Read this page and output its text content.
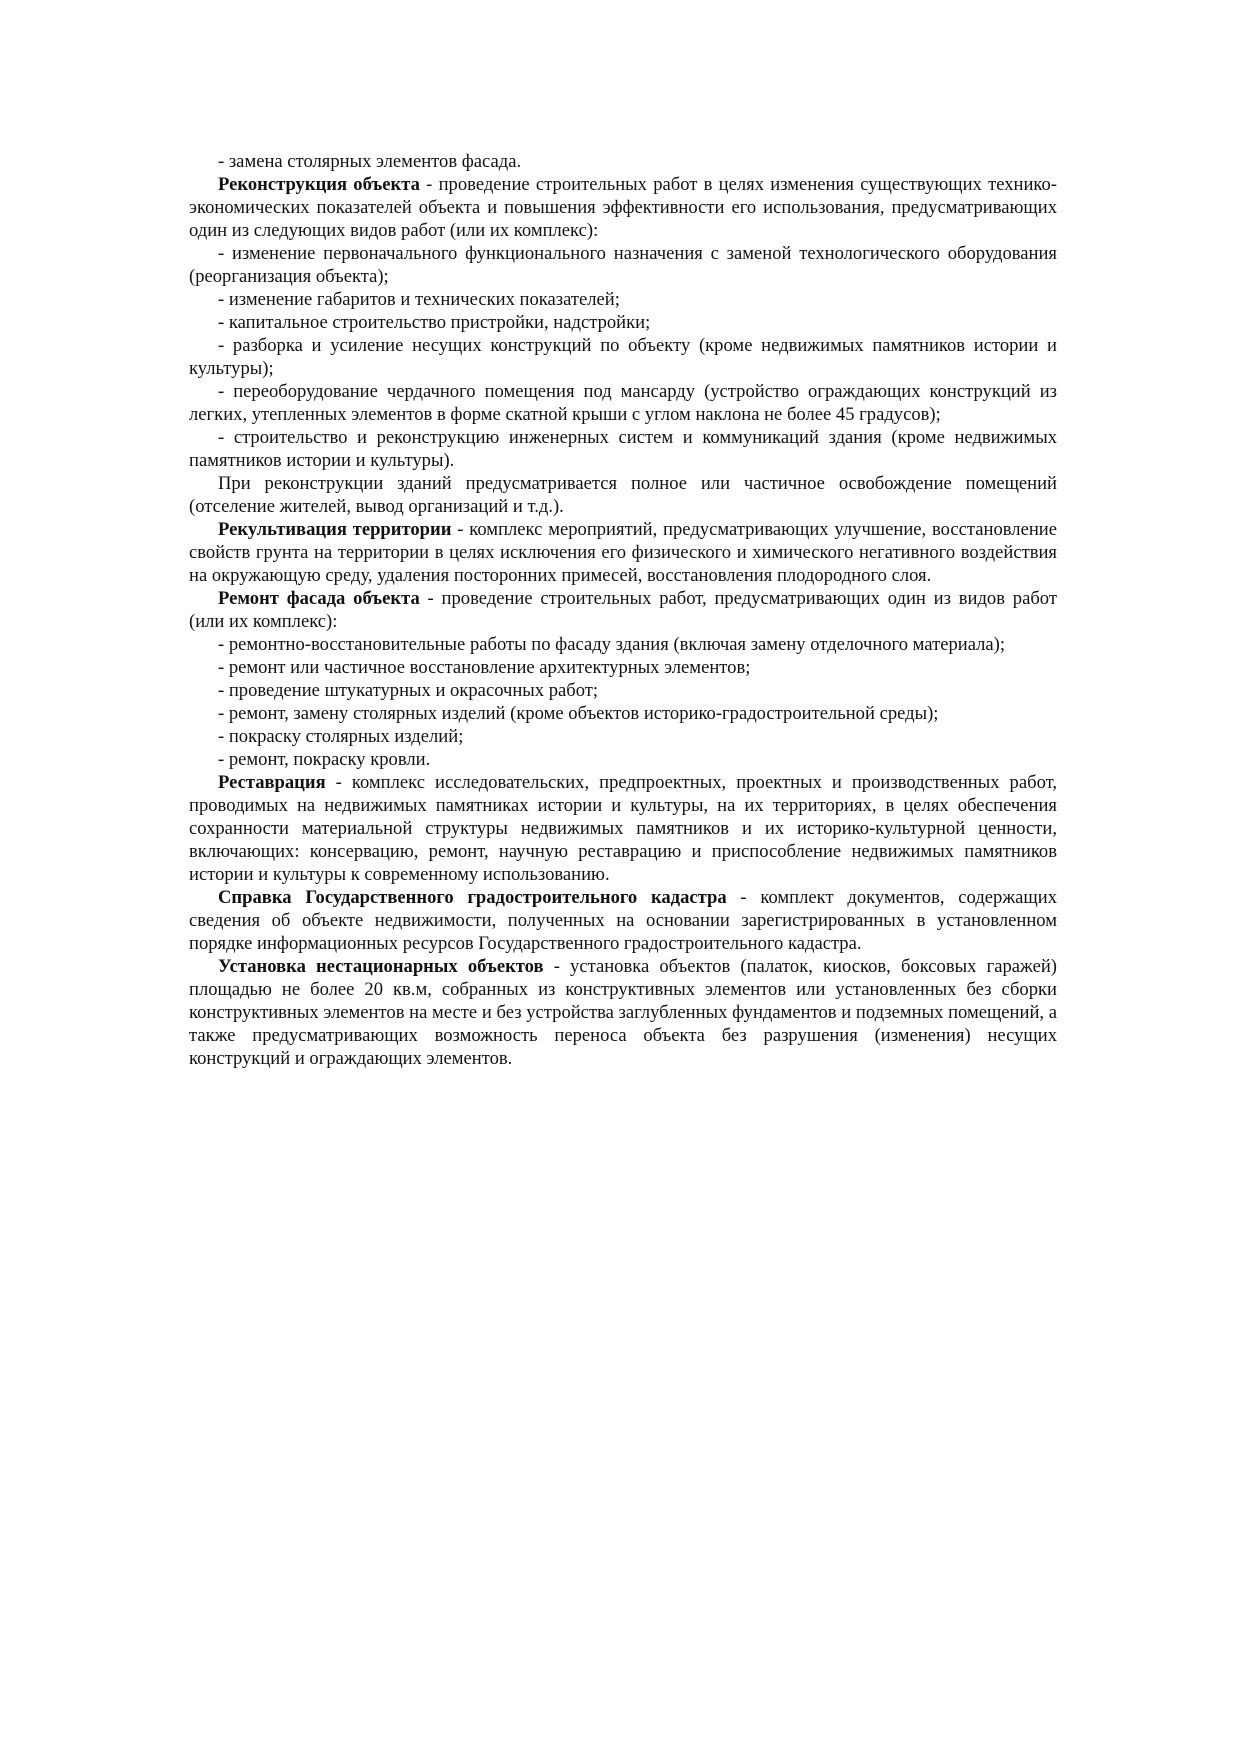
- замена столярных элементов фасада.

Реконструкция объекта - проведение строительных работ в целях изменения существующих технико-экономических показателей объекта и повышения эффективности его использования, предусматривающих один из следующих видов работ (или их комплекс):

- изменение первоначального функционального назначения с заменой технологического оборудования (реорганизация объекта);

- изменение габаритов и технических показателей;

- капитальное строительство пристройки, надстройки;

- разборка и усиление несущих конструкций по объекту (кроме недвижимых памятников истории и культуры);

- переоборудование чердачного помещения под мансарду (устройство ограждающих конструкций из легких, утепленных элементов в форме скатной крыши с углом наклона не более 45 градусов);

- строительство и реконструкцию инженерных систем и коммуникаций здания (кроме недвижимых памятников истории и культуры).

При реконструкции зданий предусматривается полное или частичное освобождение помещений (отселение жителей, вывод организаций и т.д.).

Рекультивация территории - комплекс мероприятий, предусматривающих улучшение, восстановление свойств грунта на территории в целях исключения его физического и химического негативного воздействия на окружающую среду, удаления посторонних примесей, восстановления плодородного слоя.

Ремонт фасада объекта - проведение строительных работ, предусматривающих один из видов работ (или их комплекс):

- ремонтно-восстановительные работы по фасаду здания (включая замену отделочного материала);

- ремонт или частичное восстановление архитектурных элементов;

- проведение штукатурных и окрасочных работ;

- ремонт, замену столярных изделий (кроме объектов историко-градостроительной среды);

- покраску столярных изделий;

- ремонт, покраску кровли.

Реставрация - комплекс исследовательских, предпроектных, проектных и производственных работ, проводимых на недвижимых памятниках истории и культуры, на их территориях, в целях обеспечения сохранности материальной структуры недвижимых памятников и их историко-культурной ценности, включающих: консервацию, ремонт, научную реставрацию и приспособление недвижимых памятников истории и культуры к современному использованию.

Справка Государственного градостроительного кадастра - комплект документов, содержащих сведения об объекте недвижимости, полученных на основании зарегистрированных в установленном порядке информационных ресурсов Государственного градостроительного кадастра.

Установка нестационарных объектов - установка объектов (палаток, киосков, боксовых гаражей) площадью не более 20 кв.м, собранных из конструктивных элементов или установленных без сборки конструктивных элементов на месте и без устройства заглубленных фундаментов и подземных помещений, а также предусматривающих возможность переноса объекта без разрушения (изменения) несущих конструкций и ограждающих элементов.
